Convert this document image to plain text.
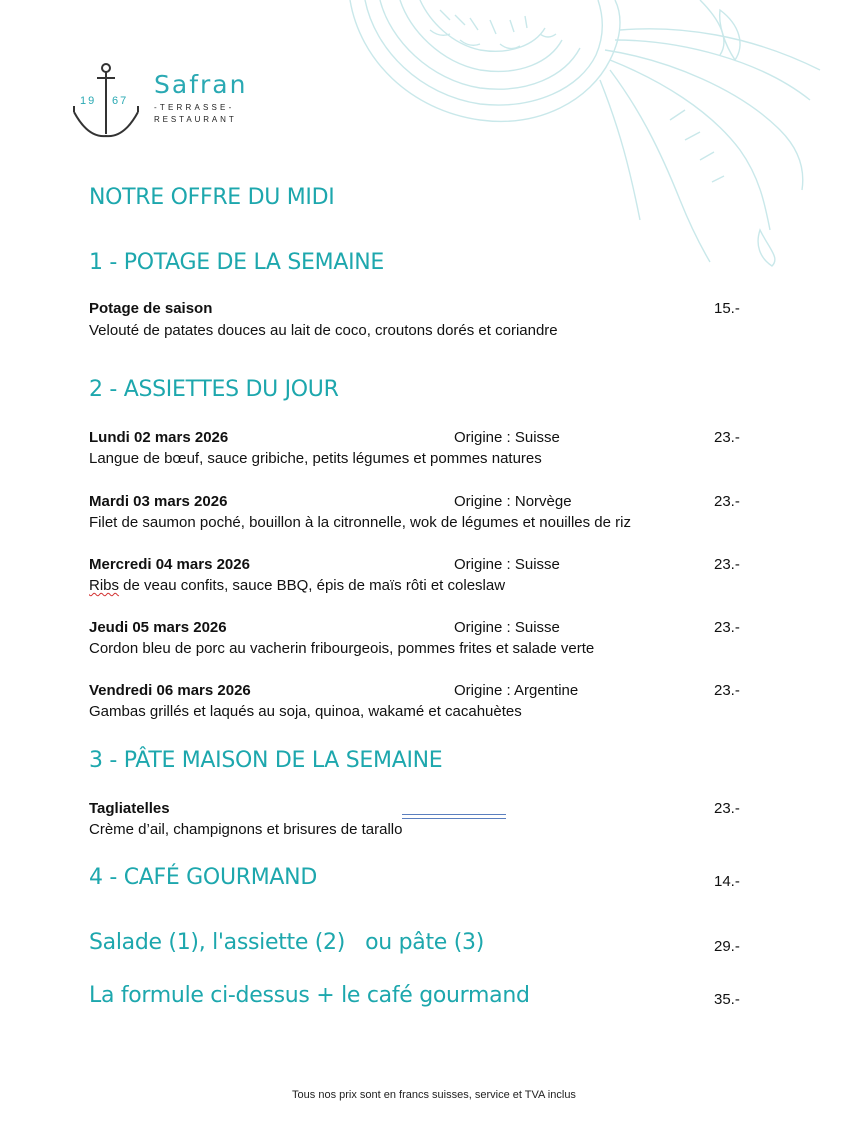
19 67
Safran
-TERRASSE-
RESTAURANT
NOTRE OFFRE DU MIDI
1 - POTAGE DE LA SEMAINE
Potage de saison	15.-
Velouté de patates douces au lait de coco, croutons dorés et coriandre
2 - ASSIETTES DU JOUR
Lundi 02 mars 2026	Origine : Suisse	23.-
Langue de bœuf, sauce gribiche, petits légumes et pommes natures
Mardi 03 mars 2026	Origine : Norvège	23.-
Filet de saumon poché, bouillon à la citronnelle, wok de légumes et nouilles de riz
Mercredi 04 mars 2026	Origine : Suisse	23.-
Ribs de veau confits, sauce BBQ, épis de maïs rôti et coleslaw
Jeudi 05 mars 2026	Origine : Suisse	23.-
Cordon bleu de porc au vacherin fribourgeois, pommes frites et salade verte
Vendredi 06 mars 2026	Origine : Argentine	23.-
Gambas grillés et laqués au soja, quinoa, wakamé et cacahuètes
3 - PÂTE MAISON DE LA SEMAINE
Tagliatelles	23.-
Crème d’ail, champignons et brisures de tarallo
4 - CAFÉ GOURMAND	14.-
Salade (1), l'assiette (2)   ou pâte (3)	29.-
La formule ci-dessus + le café gourmand	35.-
Tous nos prix sont en francs suisses, service et TVA inclus
